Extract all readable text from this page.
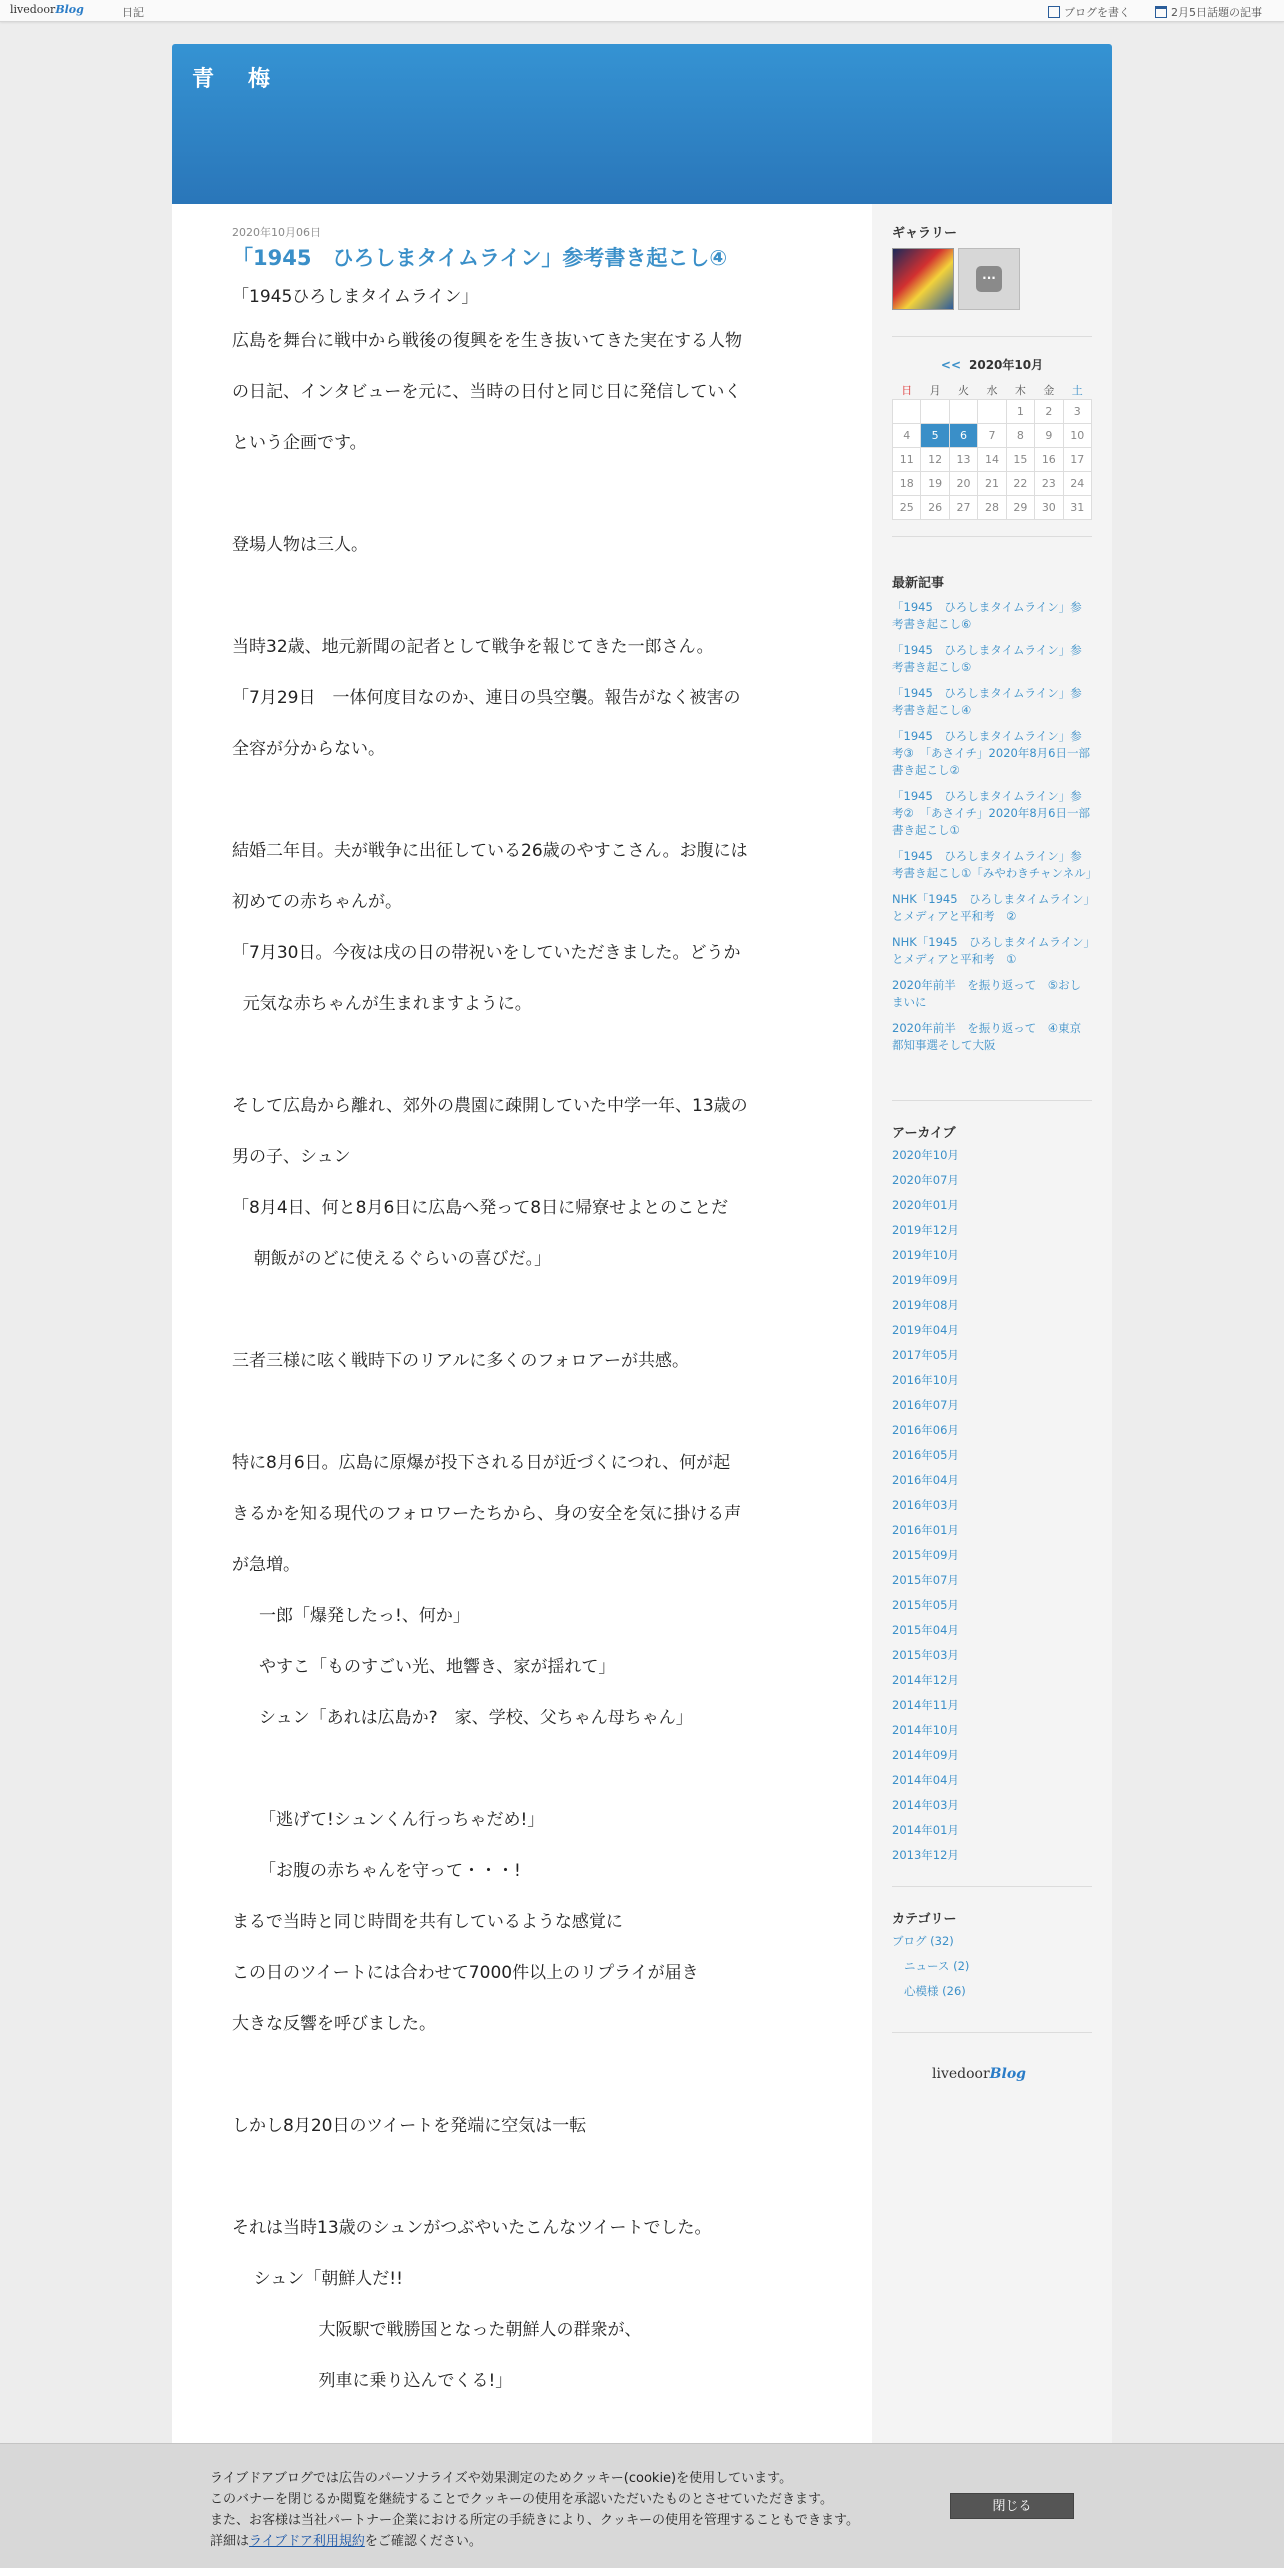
livedoorBlog	日記	ブログを書く	2月5日話題の記事
青　梅
2020年10月06日
「1945　ひろしまタイムライン」参考書き起こし④
「1945ひろしまタイムライン」
広島を舞台に戦中から戦後の復興をを生き抜いてきた実在する人物
の日記、インタビューを元に、当時の日付と同じ日に発信していく
という企画です。
登場人物は三人。
当時32歳、地元新聞の記者として戦争を報じてきた一郎さん。
「7月29日　一体何度目なのか、連日の呉空襲。報告がなく被害の
全容が分からない。
結婚二年目。夫が戦争に出征している26歳のやすこさん。お腹には
初めての赤ちゃんが。
「7月30日。今夜は戌の日の帯祝いをしていただきました。どうか
元気な赤ちゃんが生まれますように。
そして広島から離れ、郊外の農園に疎開していた中学一年、13歳の
男の子、シュン
「8月4日、何と8月6日に広島へ発って8日に帰寮せよとのことだ
朝飯がのどに使えるぐらいの喜びだ。」
三者三様に呟く戦時下のリアルに多くのフォロアーが共感。
特に8月6日。広島に原爆が投下される日が近づくにつれ、何が起
きるかを知る現代のフォロワーたちから、身の安全を気に掛ける声
が急増。
一郎「爆発したっ!、何か」
やすこ「ものすごい光、地響き、家が揺れて」
シュン「あれは広島か?　家、学校、父ちゃん母ちゃん」
「逃げて!シュンくん行っちゃだめ!」
「お腹の赤ちゃんを守って・・・!
まるで当時と同じ時間を共有しているような感覚に
この日のツイートには合わせて7000件以上のリプライが届き
大きな反響を呼びました。
しかし8月20日のツイートを発端に空気は一転
それは当時13歳のシュンがつぶやいたこんなツイートでした。
シュン「朝鮮人だ!!
大阪駅で戦勝国となった朝鮮人の群衆が、
列車に乗り込んでくる!」
ギャラリー
···
<< 2020年10月
日	月	火	水	木	金	土
				1	2	3
4	5	6	7	8	9	10
11	12	13	14	15	16	17
18	19	20	21	22	23	24
25	26	27	28	29	30	31
最新記事
「1945　ひろしまタイムライン」参考書き起こし⑥
「1945　ひろしまタイムライン」参考書き起こし⑤
「1945　ひろしまタイムライン」参考書き起こし④
「1945　ひろしまタイムライン」参考③　「あさイチ」2020年8月6日一部書き起こし②
「1945　ひろしまタイムライン」参考②　「あさイチ」2020年8月6日一部書き起こし①
「1945　ひろしまタイムライン」参考書き起こし①「みやわきチャンネル」
NHK「1945　ひろしまタイムライン」とメディアと平和考　②
NHK「1945　ひろしまタイムライン」とメディアと平和考　①
2020年前半　を振り返って　⑤おしまいに
2020年前半　を振り返って　④東京都知事選そして大阪
アーカイブ
2020年10月
2020年07月
2020年01月
2019年12月
2019年10月
2019年09月
2019年08月
2019年04月
2017年05月
2016年10月
2016年07月
2016年06月
2016年05月
2016年04月
2016年03月
2016年01月
2015年09月
2015年07月
2015年05月
2015年04月
2015年03月
2014年12月
2014年11月
2014年10月
2014年09月
2014年04月
2014年03月
2014年01月
2013年12月
カテゴリー
ブログ (32)
ニュース (2)
心模様 (26)
livedoorBlog
ライブドアブログでは広告のパーソナライズや効果測定のためクッキー(cookie)を使用しています。
このバナーを閉じるか閲覧を継続することでクッキーの使用を承認いただいたものとさせていただきます。
また、お客様は当社パートナー企業における所定の手続きにより、クッキーの使用を管理することもできます。
詳細はライブドア利用規約をご確認ください。
閉じる
